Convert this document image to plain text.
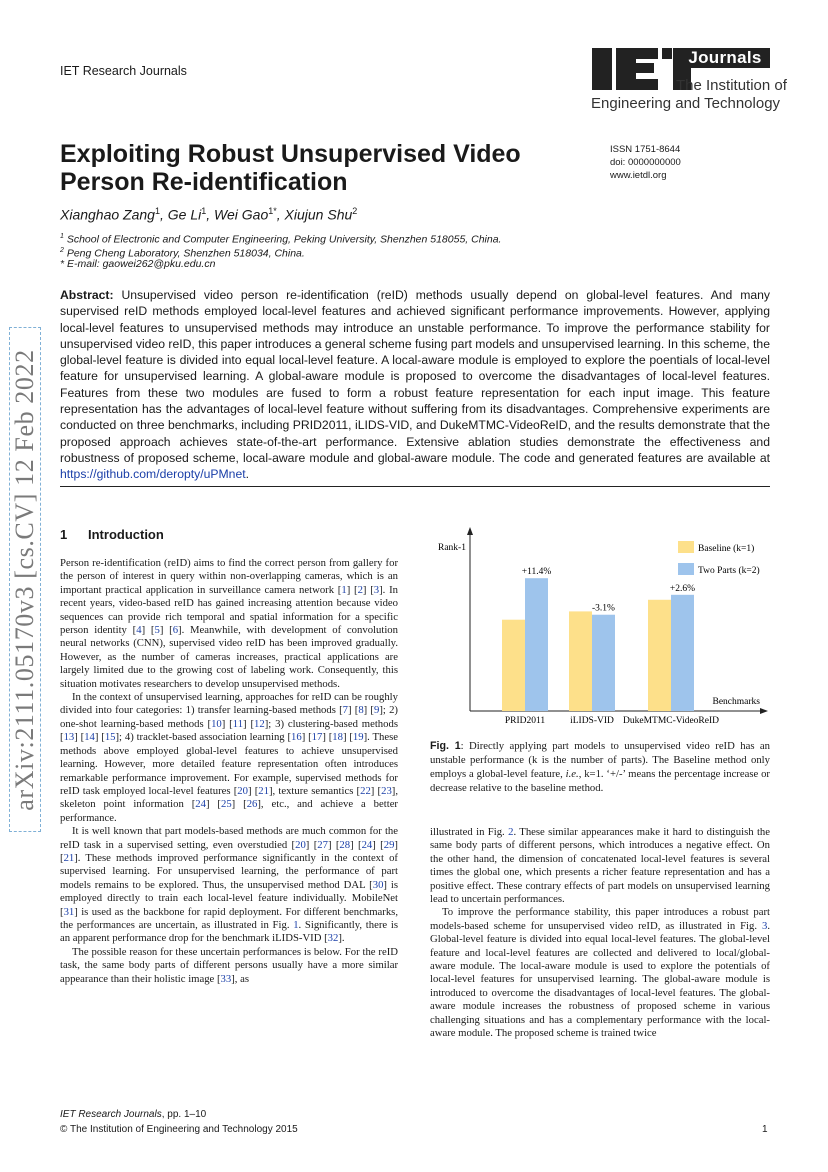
IET Research Journals
Journals
The Institution of
Engineering and Technology
Exploiting Robust Unsupervised Video
Person Re-identification
ISSN 1751-8644
doi: 0000000000
www.ietdl.org
Xianghao Zang$^1$, Ge Li$^1$, Wei Gao$^{1*}$, Xiujun Shu$^2$
$^1$ School of Electronic and Computer Engineering, Peking University, Shenzhen 518055, China.
$^2$ Peng Cheng Laboratory, Shenzhen 518034, China.
* E-mail: gaowei262@pku.edu.cn
Abstract: Unsupervised video person re-identification (reID) methods usually depend on global-level features. And many supervised reID methods employed local-level features and achieved significant performance improvements. However, applying local-level features to unsupervised methods may introduce an unstable performance. To improve the performance stability for unsupervised video reID, this paper introduces a general scheme fusing part models and unsupervised learning. In this scheme, the global-level feature is divided into equal local-level feature. A local-aware module is employed to explore the poentials of local-level feature for unsupervised learning. A global-aware module is proposed to overcome the disadvantages of local-level features. Features from these two modules are fused to form a robust feature representation for each input image. This feature representation has the advantages of local-level feature without suffering from its disadvantages. Comprehensive experiments are conducted on three benchmarks, including PRID2011, iLIDS-VID, and DukeMTMC-VideoReID, and the results demonstrate that the proposed approach achieves state-of-the-art performance. Extensive ablation studies demonstrate the effectiveness and robustness of proposed scheme, local-aware module and global-aware module. The code and generated features are available at https://github.com/deropty/uPMnet.
arXiv:2111.05170v3 [cs.CV] 12 Feb 2022 1 Introduction

Person re-identification (reID) aims to find the correct person from gallery for the person of interest in query within non-overlapping cameras, which is an important practical application in surveillance camera network [1] [2] [3]. In recent years, video-based reID has gained increasing attention because video sequences can provide rich temporal and spatial information for a specific person identity [4] [5] [6]. Meanwhile, with development of convolution neural networks (CNN), supervised video reID has been improved gradually. However, as the number of cameras increases, practical applications are largely limited due to the growing cost of labeling work. Consequently, this situation motivates researchers to develop unsupervised methods.

In the context of unsupervised learning, approaches for reID can be roughly divided into four categories: 1) transfer learning-based methods [7] [8] [9]; 2) one-shot learning-based methods [10] [11] [12]; 3) clustering-based methods [13] [14] [15]; 4) tracklet-based association learning [16] [17] [18] [19]. These methods above employed global-level features to achieve unsupervised learning. However, more detailed feature representation often introduces remarkable performance improvement. For example, supervised methods for reID task employed local-level features [20] [21], texture semantics [22] [23], skeleton point information [24] [25] [26], etc., and achieve a better performance.

It is well known that part models-based methods are much common for the reID task in a supervised setting, even overstudied [20] [27] [28] [24] [29] [21]. These methods improved performance significantly in the context of supervised learning. For unsupervised learning, the performance of part models remains to be explored. Thus, the unsupervised method DAL [30] is employed directly to train each local-level feature individually. MobileNet [31] is used as the backbone for rapid deployment. For different benchmarks, the performances are uncertain, as illustrated in Fig. 1. Significantly, there is an apparent performance drop for the benchmark iLIDS-VID [32].

The possible reason for these uncertain performances is below. For the reID task, the same body parts of different persons usually have a more similar appearance than their holistic image [33], as

illustrated in Fig. 2. These similar appearances make it hard to distinguish the same body parts of different persons, which introduces a negative effect. On the other hand, the dimension of concatenated local-level features is several times the global one, which presents a richer feature representation and has a positive effect. These contrary effects of part models on unsupervised learning lead to uncertain performances.

To improve the performance stability, this paper introduces a robust part models-based scheme for unsupervised video reID, as illustrated in Fig. 3. Global-level feature is divided into equal local-level features. The global-level feature and local-level features are collected and delivered to local/global-aware module. The local-aware module is used to explore the potentials of local-level features for unsupervised learning. The global-aware module is introduced to overcome the disadvantages of local-level features. The global-aware module increases the robustness of proposed scheme in various challenging situations and has a complementary performance with the local-aware module. The proposed scheme is trained twice

Rank-1
Benchmarks
PRID2011
+11.4%
iLIDS-VID
-3.1%
DukeMTMC-VideoReID
+2.6%
Baseline (k=1)
Two Parts (k=2)
Fig. 1: Directly applying part models to unsupervised video reID has an unstable performance (k is the number of parts). The Baseline method only employs a global-level feature, i.e., k=1. ‘+/-’ means the percentage increase or decrease relative to the baseline method.
IET Research Journals, pp. 1–10
© The Institution of Engineering and Technology 2015	1
